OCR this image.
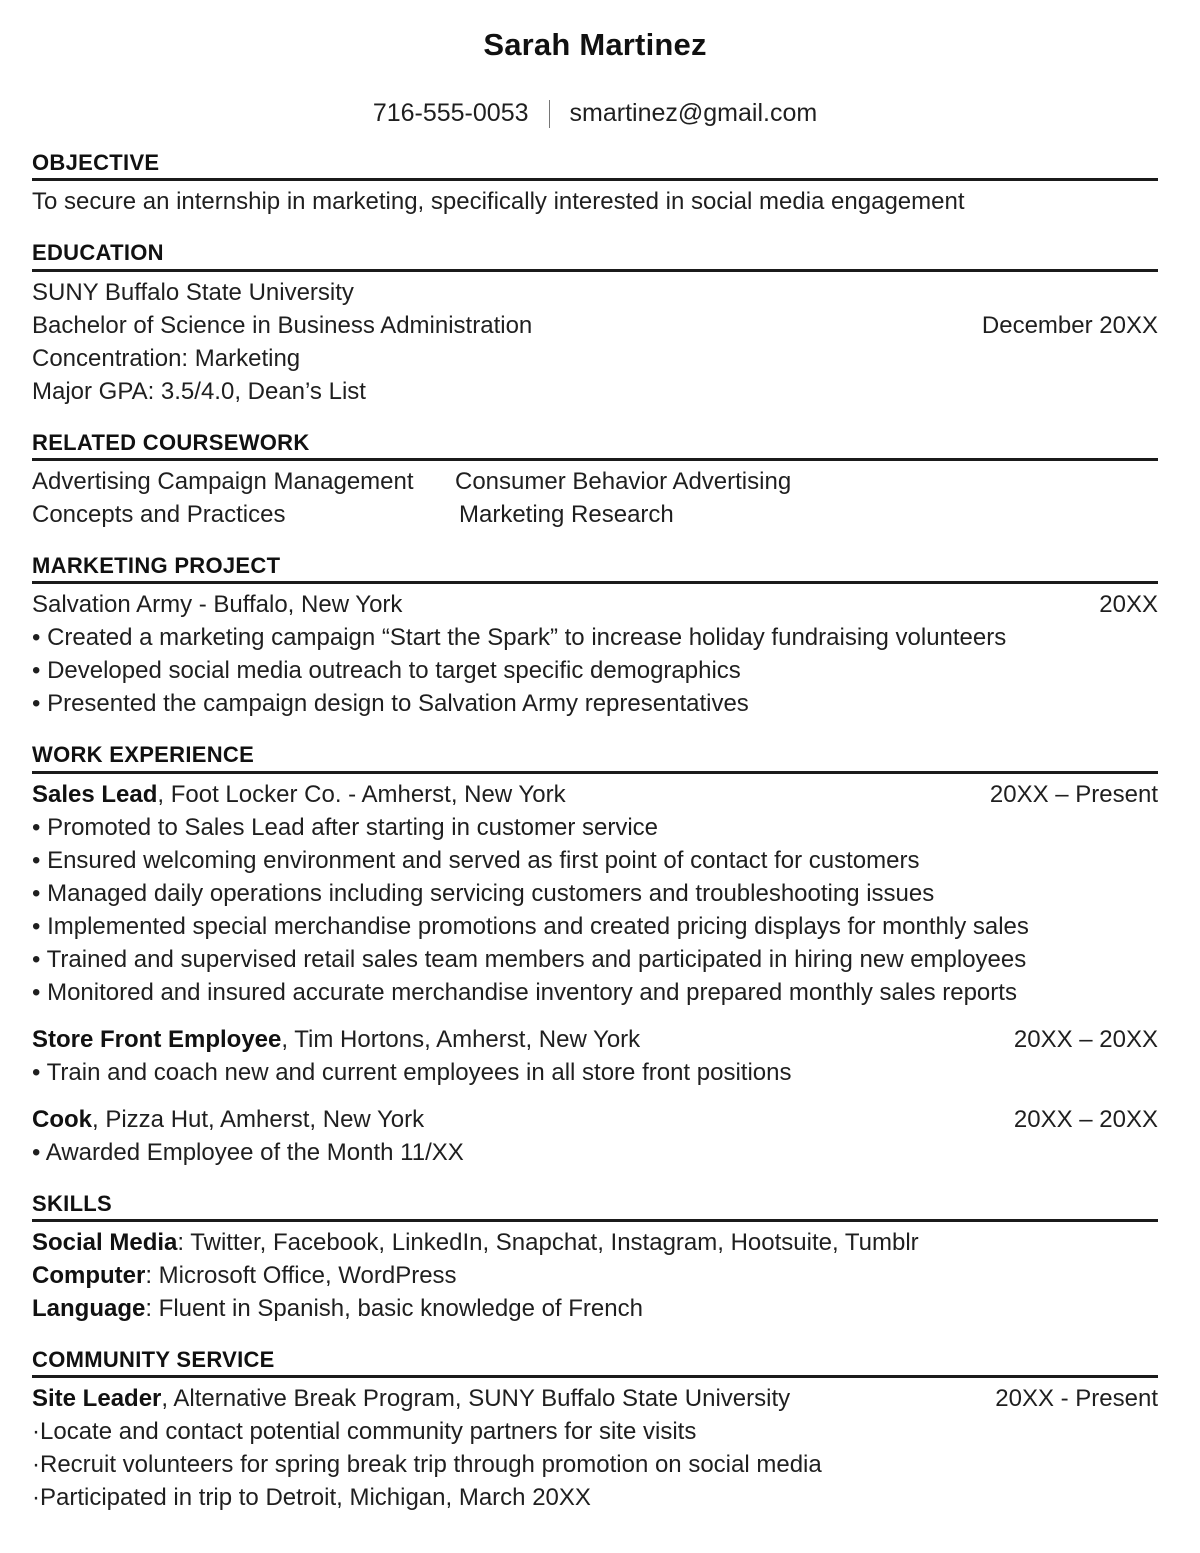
Sarah Martinez
716-555-0053 smartinez@gmail.com
OBJECTIVE
To secure an internship in marketing, specifically interested in social media engagement
EDUCATION
SUNY Buffalo State University
Bachelor of Science in Business Administration	December 20XX
Concentration: Marketing
Major GPA: 3.5/4.0, Dean’s List
RELATED COURSEWORK
Advertising Campaign Management	Consumer Behavior Advertising
Concepts and Practices	Marketing Research
MARKETING PROJECT
Salvation Army - Buffalo, New York	20XX
• Created a marketing campaign “Start the Spark” to increase holiday fundraising volunteers
• Developed social media outreach to target specific demographics
• Presented the campaign design to Salvation Army representatives
WORK EXPERIENCE
Sales Lead, Foot Locker Co. - Amherst, New York	20XX – Present
• Promoted to Sales Lead after starting in customer service
• Ensured welcoming environment and served as first point of contact for customers
• Managed daily operations including servicing customers and troubleshooting issues
• Implemented special merchandise promotions and created pricing displays for monthly sales
• Trained and supervised retail sales team members and participated in hiring new employees
• Monitored and insured accurate merchandise inventory and prepared monthly sales reports
Store Front Employee, Tim Hortons, Amherst, New York	20XX – 20XX
• Train and coach new and current employees in all store front positions
Cook, Pizza Hut, Amherst, New York	20XX – 20XX
• Awarded Employee of the Month 11/XX
SKILLS
Social Media: Twitter, Facebook, LinkedIn, Snapchat, Instagram, Hootsuite, Tumblr
Computer: Microsoft Office, WordPress
Language: Fluent in Spanish, basic knowledge of French
COMMUNITY SERVICE
Site Leader, Alternative Break Program, SUNY Buffalo State University	20XX - Present
·Locate and contact potential community partners for site visits
·Recruit volunteers for spring break trip through promotion on social media
·Participated in trip to Detroit, Michigan, March 20XX
